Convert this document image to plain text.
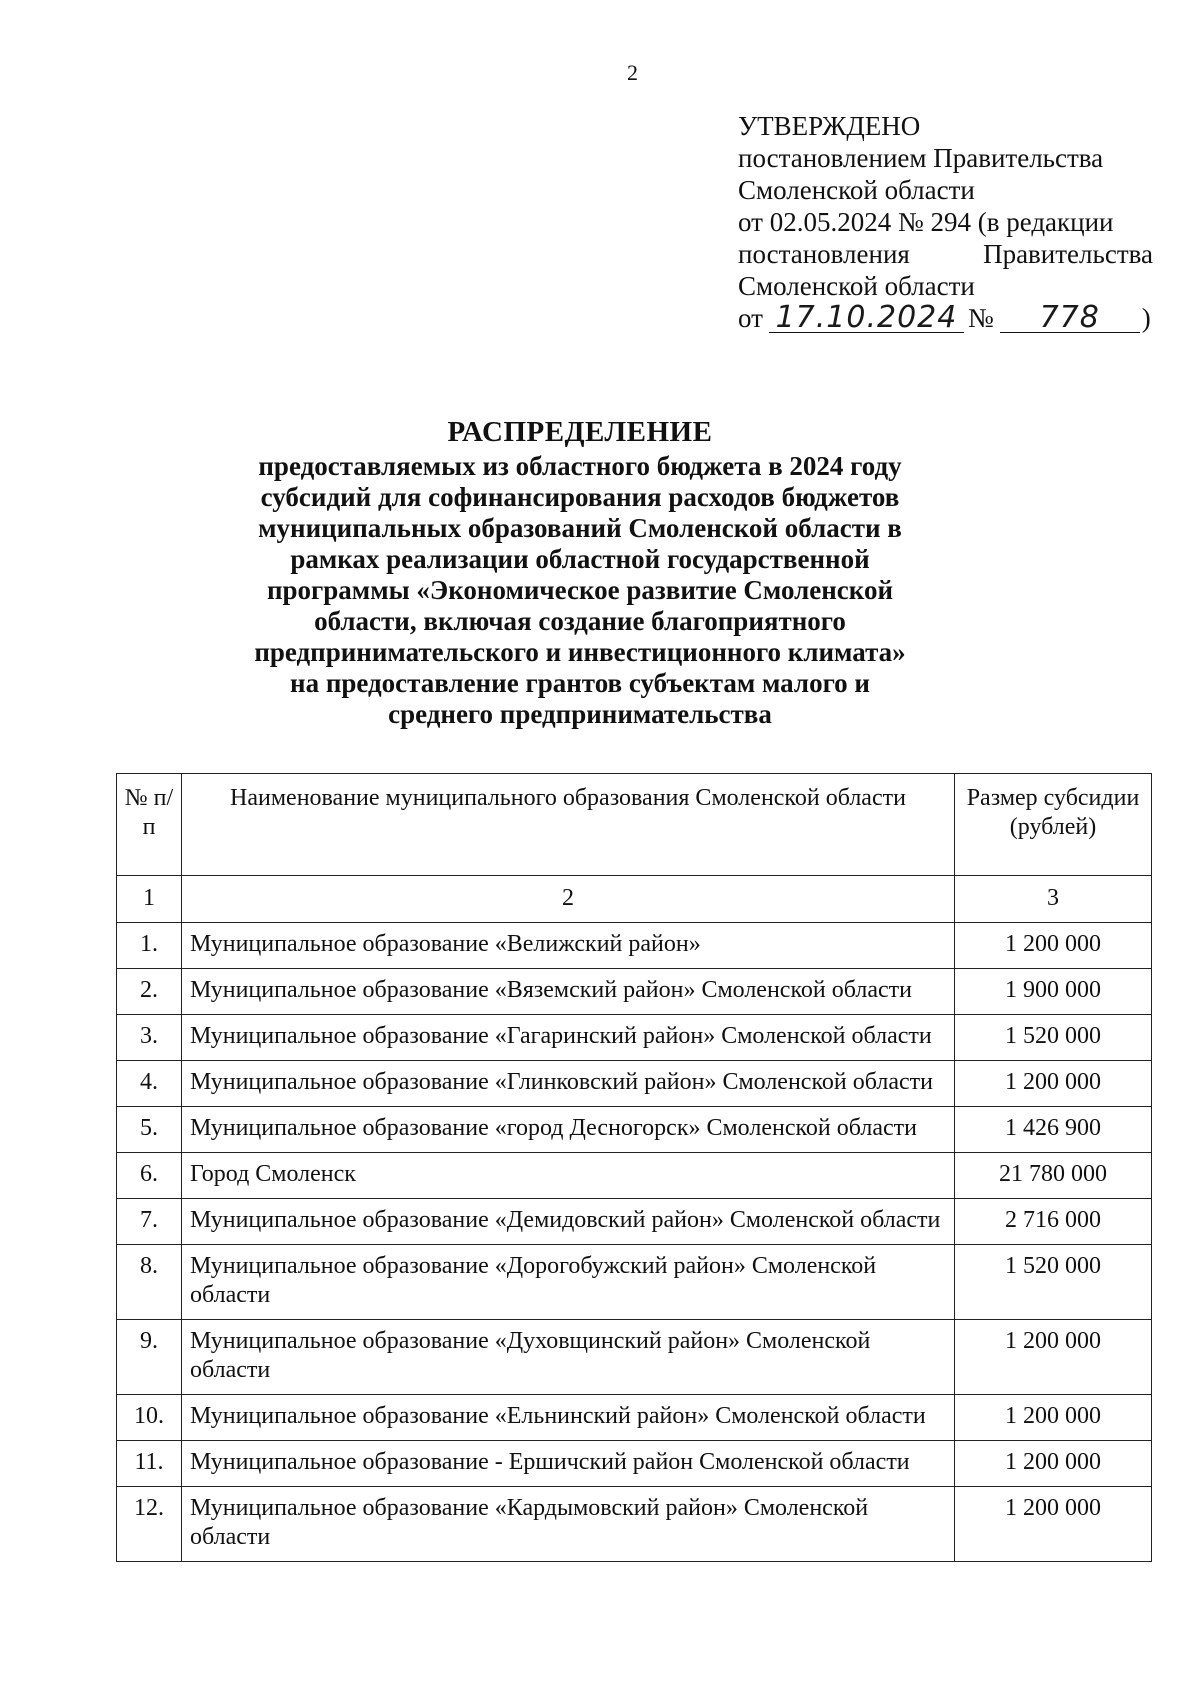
2
УТВЕРЖДЕНО
постановлением Правительства
Смоленской области
от 02.05.2024 № 294 (в редакции
постановления	Правительства
Смоленской области
от 17.10.2024 №	778	)
РАСПРЕДЕЛЕНИЕ
предоставляемых из областного бюджета в 2024 году
субсидий для софинансирования расходов бюджетов
муниципальных образований Смоленской области в
рамках реализации областной государственной
программы «Экономическое развитие Смоленской
области, включая создание благоприятного
предпринимательского и инвестиционного климата»
на предоставление грантов субъектам малого и
среднего предпринимательства
№ п/п	Наименование муниципального образования Смоленской области	Размер субсидии (рублей)
1	2	3
1.	Муниципальное образование «Велижский район»	1 200 000
2.	Муниципальное образование «Вяземский район» Смоленской области	1 900 000
3.	Муниципальное образование «Гагаринский район» Смоленской области	1 520 000
4.	Муниципальное образование «Глинковский район» Смоленской области	1 200 000
5.	Муниципальное образование «город Десногорск» Смоленской области	1 426 900
6.	Город Смоленск	21 780 000
7.	Муниципальное образование «Демидовский район» Смоленской области	2 716 000
8.	Муниципальное образование «Дорогобужский район» Смоленской области	1 520 000
9.	Муниципальное образование «Духовщинский район» Смоленской области	1 200 000
10.	Муниципальное образование «Ельнинский район» Смоленской области	1 200 000
11.	Муниципальное образование - Ершичский район Смоленской области	1 200 000
12.	Муниципальное образование «Кардымовский район» Смоленской области	1 200 000
